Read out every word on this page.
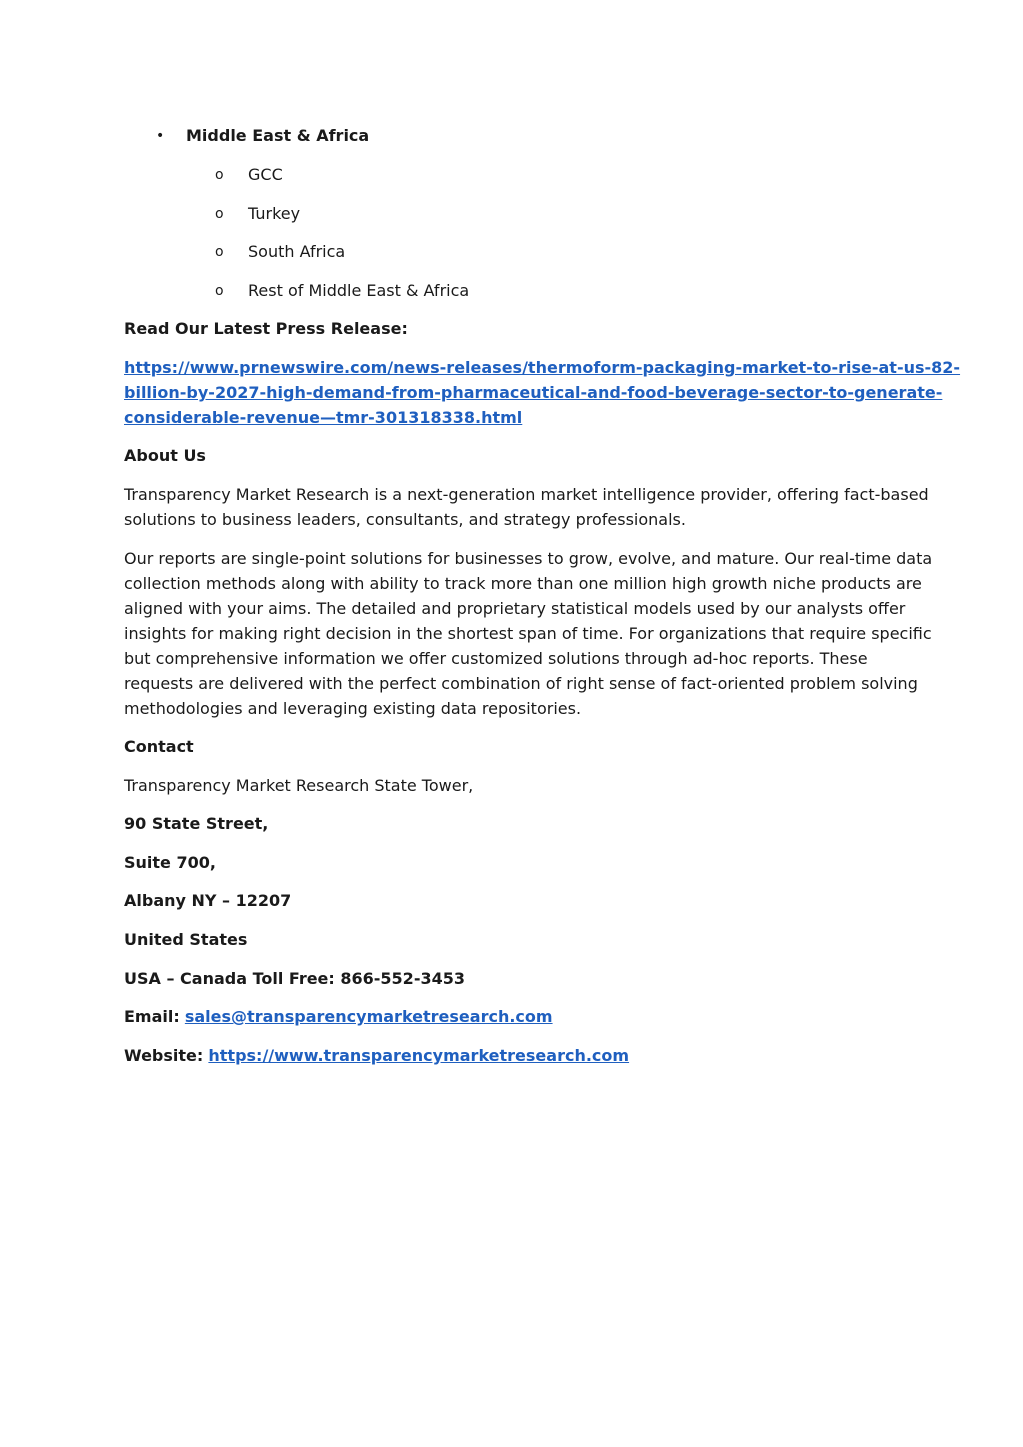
• Middle East & Africa
o GCC
o Turkey
o South Africa
o Rest of Middle East & Africa
Read Our Latest Press Release:
https://www.prnewswire.com/news-releases/thermoform-packaging-market-to-rise-at-us-82-
billion-by-2027-high-demand-from-pharmaceutical-and-food-beverage-sector-to-generate-
considerable-revenue—tmr-301318338.html
About Us
Transparency Market Research is a next-generation market intelligence provider, offering fact-based
solutions to business leaders, consultants, and strategy professionals.
Our reports are single-point solutions for businesses to grow, evolve, and mature. Our real-time data
collection methods along with ability to track more than one million high growth niche products are
aligned with your aims. The detailed and proprietary statistical models used by our analysts offer
insights for making right decision in the shortest span of time. For organizations that require specific
but comprehensive information we offer customized solutions through ad-hoc reports. These
requests are delivered with the perfect combination of right sense of fact-oriented problem solving
methodologies and leveraging existing data repositories.
Contact
Transparency Market Research State Tower,
90 State Street,
Suite 700,
Albany NY – 12207
United States
USA – Canada Toll Free: 866-552-3453
Email: sales@transparencymarketresearch.com
Website: https://www.transparencymarketresearch.com
